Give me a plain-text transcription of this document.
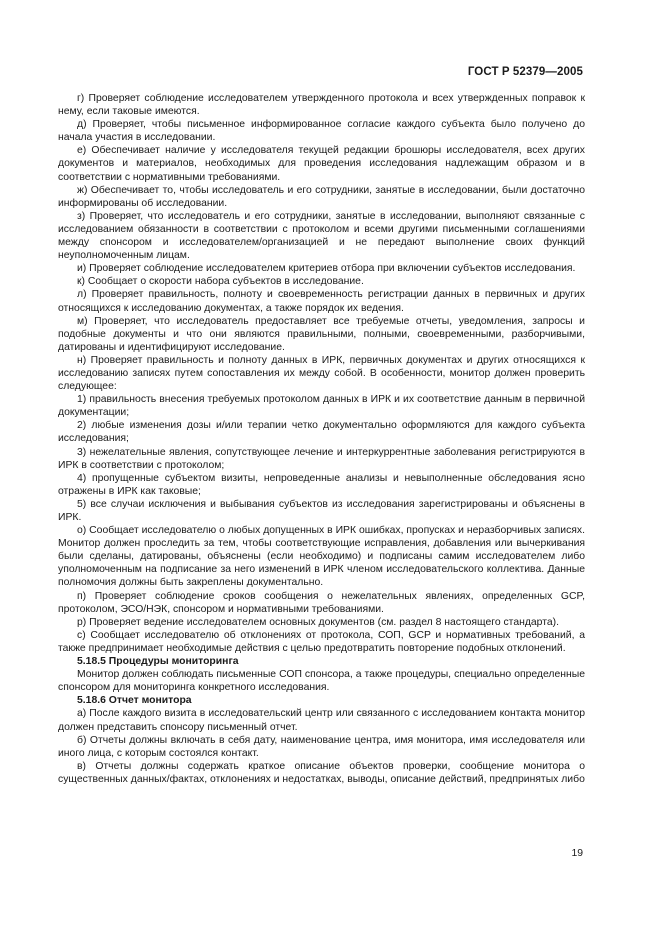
ГОСТ Р 52379—2005

г) Проверяет соблюдение исследователем утвержденного протокола и всех утвержденных поправок к нему, если таковые имеются.

д) Проверяет, чтобы письменное информированное согласие каждого субъекта было получено до начала участия в исследовании.

е) Обеспечивает наличие у исследователя текущей редакции брошюры исследователя, всех других документов и материалов, необходимых для проведения исследования надлежащим образом и в соответствии с нормативными требованиями.

ж) Обеспечивает то, чтобы исследователь и его сотрудники, занятые в исследовании, были достаточно информированы об исследовании.

з) Проверяет, что исследователь и его сотрудники, занятые в исследовании, выполняют связанные с исследованием обязанности в соответствии с протоколом и всеми другими письменными соглашениями между спонсором и исследователем/организацией и не передают выполнение своих функций неуполномоченным лицам.

и) Проверяет соблюдение исследователем критериев отбора при включении субъектов исследования.

к) Сообщает о скорости набора субъектов в исследование.

л) Проверяет правильность, полноту и своевременность регистрации данных в первичных и других относящихся к исследованию документах, а также порядок их ведения.

м) Проверяет, что исследователь предоставляет все требуемые отчеты, уведомления, запросы и подобные документы и что они являются правильными, полными, своевременными, разборчивыми, датированы и идентифицируют исследование.

н) Проверяет правильность и полноту данных в ИРК, первичных документах и других относящихся к исследованию записях путем сопоставления их между собой. В особенности, монитор должен проверить следующее:

1) правильность внесения требуемых протоколом данных в ИРК и их соответствие данным в первичной документации;

2) любые изменения дозы и/или терапии четко документально оформляются для каждого субъекта исследования;

3) нежелательные явления, сопутствующее лечение и интеркуррентные заболевания регистрируются в ИРК в соответствии с протоколом;

4) пропущенные субъектом визиты, непроведенные анализы и невыполненные обследования ясно отражены в ИРК как таковые;

5) все случаи исключения и выбывания субъектов из исследования зарегистрированы и объяснены в ИРК.

о) Сообщает исследователю о любых допущенных в ИРК ошибках, пропусках и неразборчивых записях. Монитор должен проследить за тем, чтобы соответствующие исправления, добавления или вычеркивания были сделаны, датированы, объяснены (если необходимо) и подписаны самим исследователем либо уполномоченным на подписание за него изменений в ИРК членом исследовательского коллектива. Данные полномочия должны быть закреплены документально.

п) Проверяет соблюдение сроков сообщения о нежелательных явлениях, определенных GCP, протоколом, ЭСО/НЭК, спонсором и нормативными требованиями.

р) Проверяет ведение исследователем основных документов (см. раздел 8 настоящего стандарта).

с) Сообщает исследователю об отклонениях от протокола, СОП, GCP и нормативных требований, а также предпринимает необходимые действия с целью предотвратить повторение подобных отклонений.

5.18.5 Процедуры мониторинга

Монитор должен соблюдать письменные СОП спонсора, а также процедуры, специально определенные спонсором для мониторинга конкретного исследования.

5.18.6 Отчет монитора

а) После каждого визита в исследовательский центр или связанного с исследованием контакта монитор должен представить спонсору письменный отчет.

б) Отчеты должны включать в себя дату, наименование центра, имя монитора, имя исследователя или иного лица, с которым состоялся контакт.

в) Отчеты должны содержать краткое описание объектов проверки, сообщение монитора о существенных данных/фактах, отклонениях и недостатках, выводы, описание действий, предпринятых либо

19
